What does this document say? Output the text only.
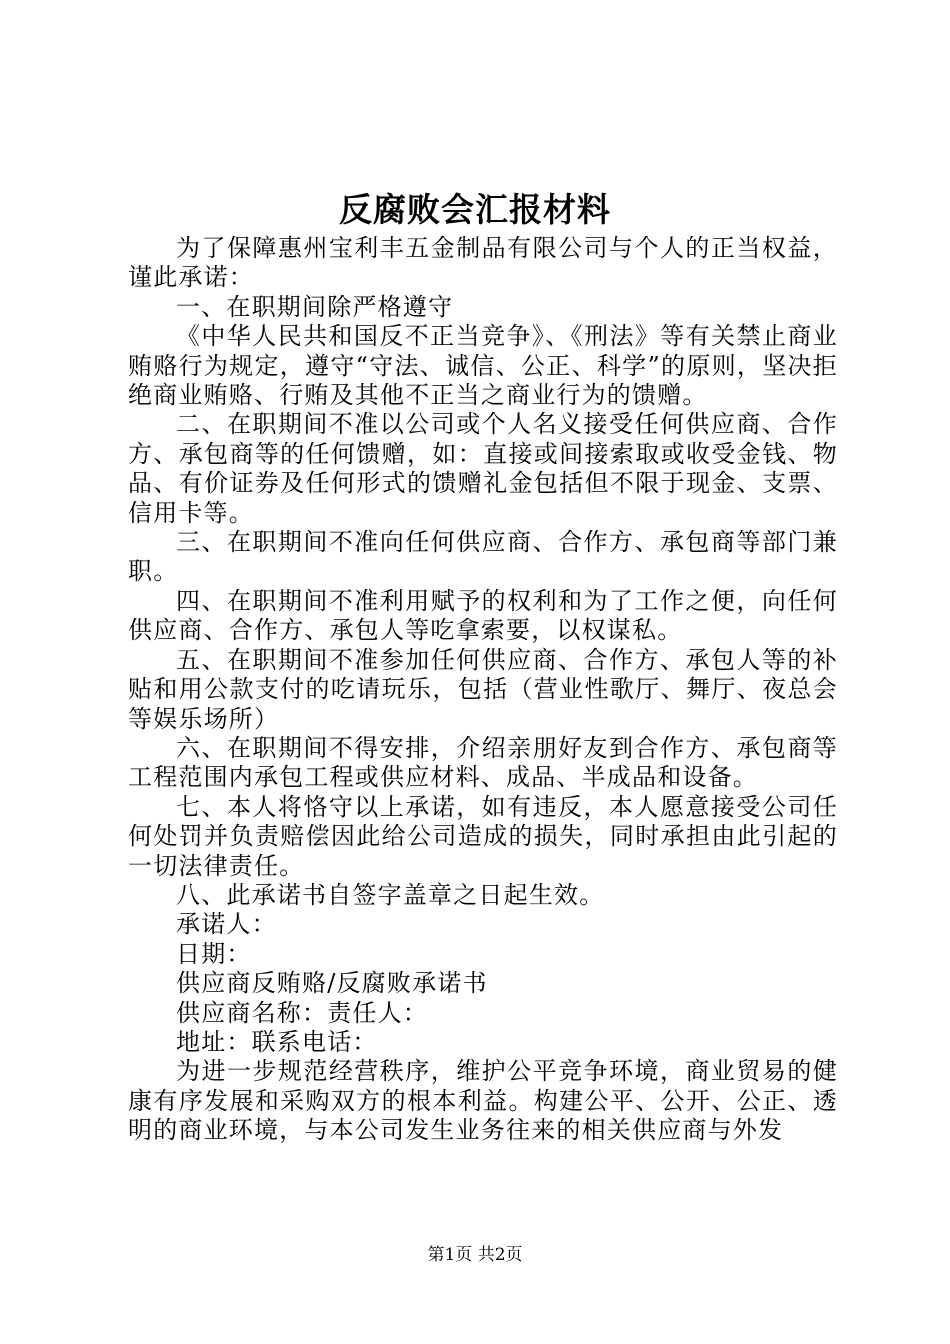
反腐败会汇报材料

为了保障惠州宝利丰五金制品有限公司与个人的正当权益，谨此承诺：

一、在职期间除严格遵守

《中华人民共和国反不正当竞争》、《刑法》等有关禁止商业贿赂行为规定，遵守“守法、诚信、公正、科学”的原则，坚决拒绝商业贿赂、行贿及其他不正当之商业行为的馈赠。

二、在职期间不准以公司或个人名义接受任何供应商、合作方、承包商等的任何馈赠，如：直接或间接索取或收受金钱、物品、有价证券及任何形式的馈赠礼金包括但不限于现金、支票、信用卡等。

三、在职期间不准向任何供应商、合作方、承包商等部门兼职。

四、在职期间不准利用赋予的权利和为了工作之便，向任何供应商、合作方、承包人等吃拿索要，以权谋私。

五、在职期间不准参加任何供应商、合作方、承包人等的补贴和用公款支付的吃请玩乐，包括（营业性歌厅、舞厅、夜总会等娱乐场所）

六、在职期间不得安排，介绍亲朋好友到合作方、承包商等工程范围内承包工程或供应材料、成品、半成品和设备。

七、本人将恪守以上承诺，如有违反，本人愿意接受公司任何处罚并负责赔偿因此给公司造成的损失，同时承担由此引起的一切法律责任。

八、此承诺书自签字盖章之日起生效。

承诺人：

日期：

供应商反贿赂/反腐败承诺书

供应商名称：责任人：

地址：联系电话：

为进一步规范经营秩序，维护公平竞争环境，商业贸易的健康有序发展和采购双方的根本利益。构建公平、公开、公正、透明的商业环境，与本公司发生业务往来的相关供应商与外发

第1页 共2页
